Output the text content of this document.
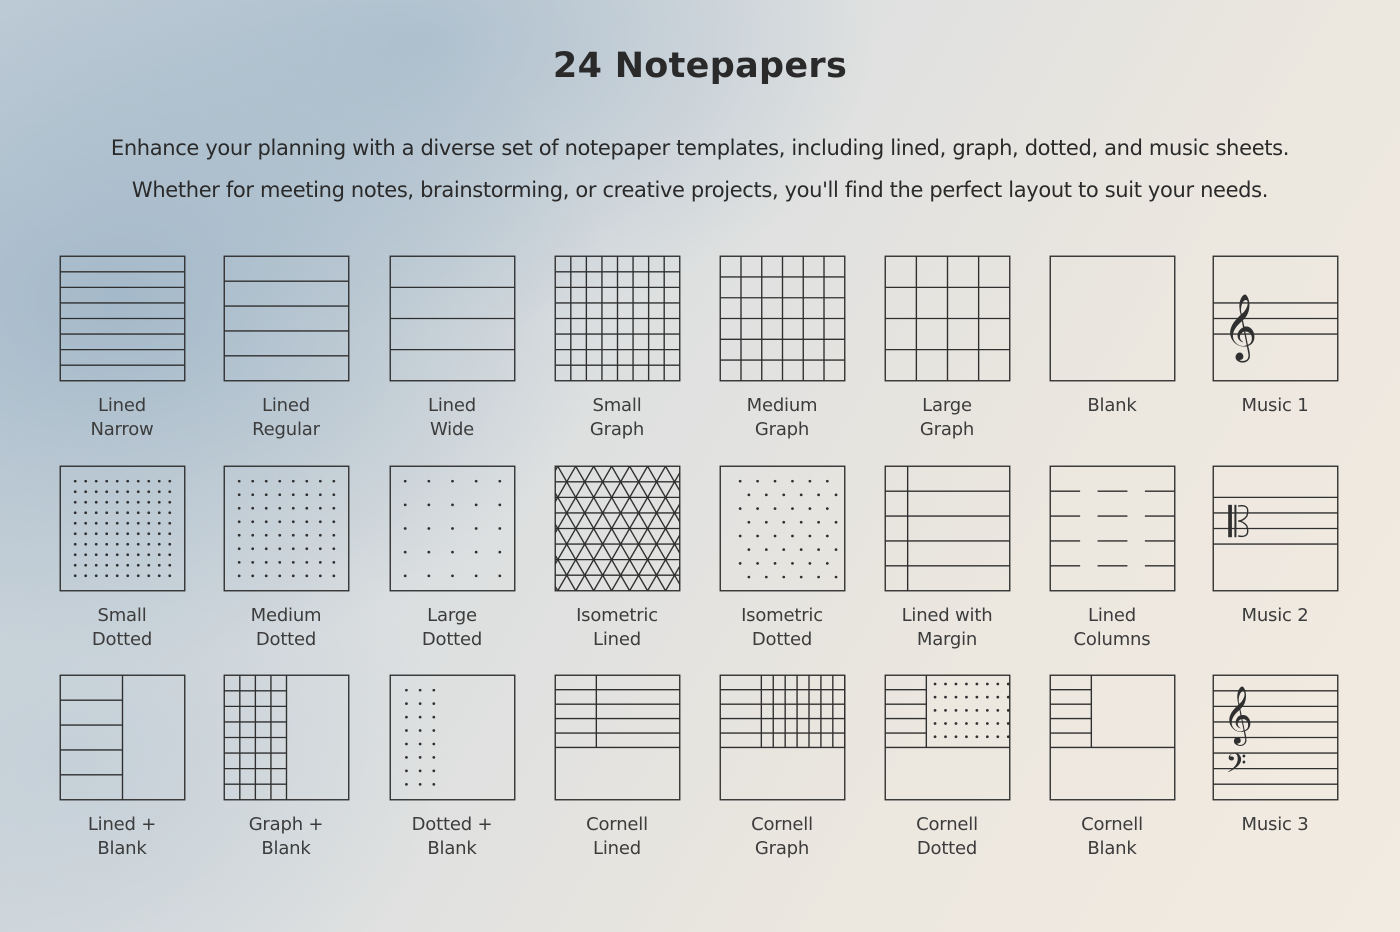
24 Notepapers

Enhance your planning with a diverse set of notepaper templates, including lined, graph, dotted, and music sheets.

Whether for meeting notes, brainstorming, or creative projects, you'll find the perfect layout to suit your needs.

Lined
Narrow
Lined
Regular
Lined
Wide
Small
Graph
Medium
Graph
Large
Graph
Blank
𝄞
Music 1
Small
Dotted
Medium
Dotted
Large
Dotted
Isometric
Lined
Isometric
Dotted
Lined with
Margin
Lined
Columns
Music 2
Lined +
Blank
Graph +
Blank
Dotted +
Blank
Cornell
Lined
Cornell
Graph
Cornell
Dotted
Cornell
Blank
𝄞
𝄢
Music 3
